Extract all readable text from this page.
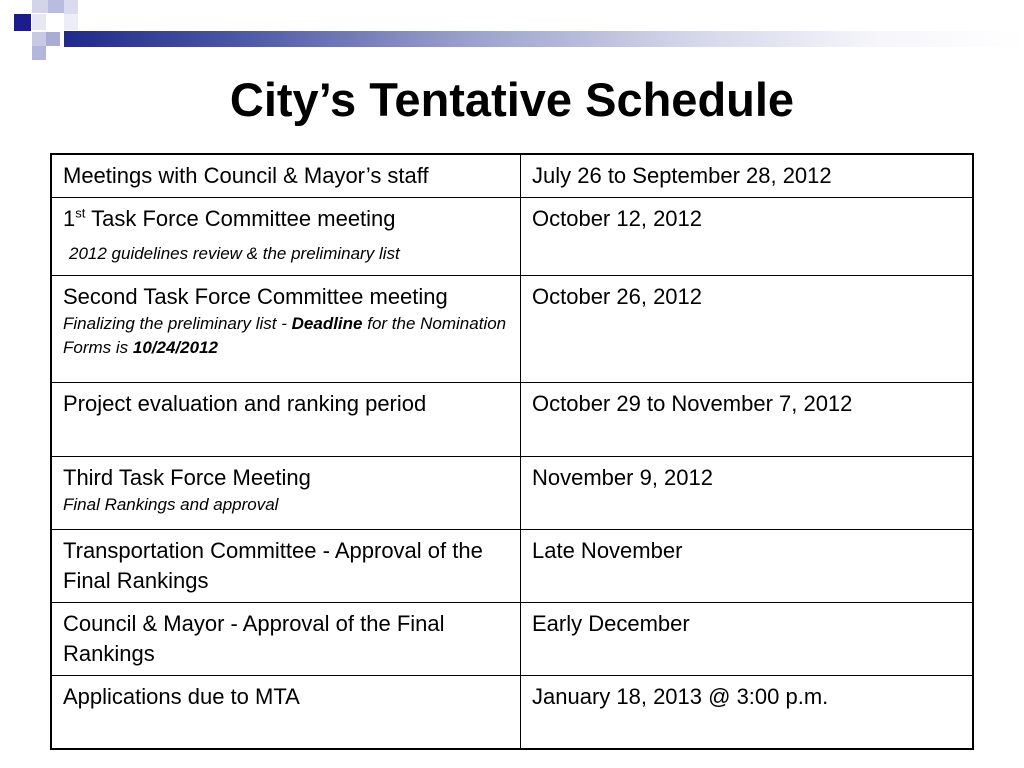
City’s Tentative Schedule
Meetings with Council & Mayor’s staff	July 26 to September 28, 2012
1st Task Force Committee meeting
2012 guidelines review & the preliminary list	October 12, 2012
Second Task Force Committee meeting
Finalizing the preliminary list - Deadline for the Nomination Forms is 10/24/2012	October 26, 2012
Project evaluation and ranking period	October 29 to November 7, 2012
Third Task Force Meeting
Final Rankings and approval	November 9, 2012
Transportation Committee - Approval of the Final Rankings	Late November
Council & Mayor - Approval of the Final Rankings	Early December
Applications due to MTA	January 18, 2013 @ 3:00 p.m.
